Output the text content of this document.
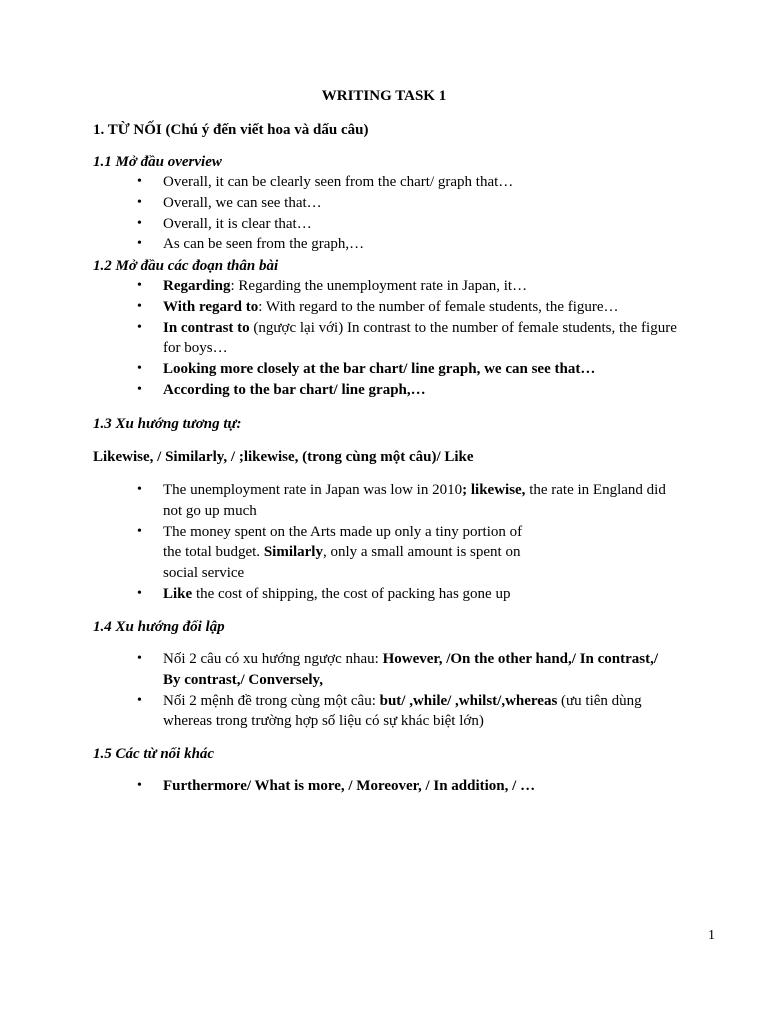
WRITING TASK 1
1. TỪ NỐI (Chú ý đến viết hoa và dấu câu)
1.1 Mở đầu overview
• Overall, it can be clearly seen from the chart/ graph that…
• Overall, we can see that…
• Overall, it is clear that…
• As can be seen from the graph,…
1.2 Mở đầu các đoạn thân bài
• Regarding: Regarding the unemployment rate in Japan, it…
• With regard to: With regard to the number of female students, the figure…
• In contrast to (ngược lại với) In contrast to the number of female students, the figure for boys…
• Looking more closely at the bar chart/ line graph, we can see that…
• According to the bar chart/ line graph,…
1.3 Xu hướng tương tự:
Likewise, / Similarly, / ;likewise, (trong cùng một câu)/ Like
• The unemployment rate in Japan was low in 2010; likewise, the rate in England did not go up much
• The money spent on the Arts made up only a tiny portion of the total budget. Similarly, only a small amount is spent on social service
• Like the cost of shipping, the cost of packing has gone up
1.4 Xu hướng đối lập
• Nối 2 câu có xu hướng ngược nhau: However, /On the other hand,/ In contrast,/ By contrast,/ Conversely,
• Nối 2 mệnh đề trong cùng một câu: but/ ,while/ ,whilst/,whereas (ưu tiên dùng whereas trong trường hợp số liệu có sự khác biệt lớn)
1.5 Các từ nối khác
• Furthermore/ What is more, / Moreover, / In addition, / …
1
